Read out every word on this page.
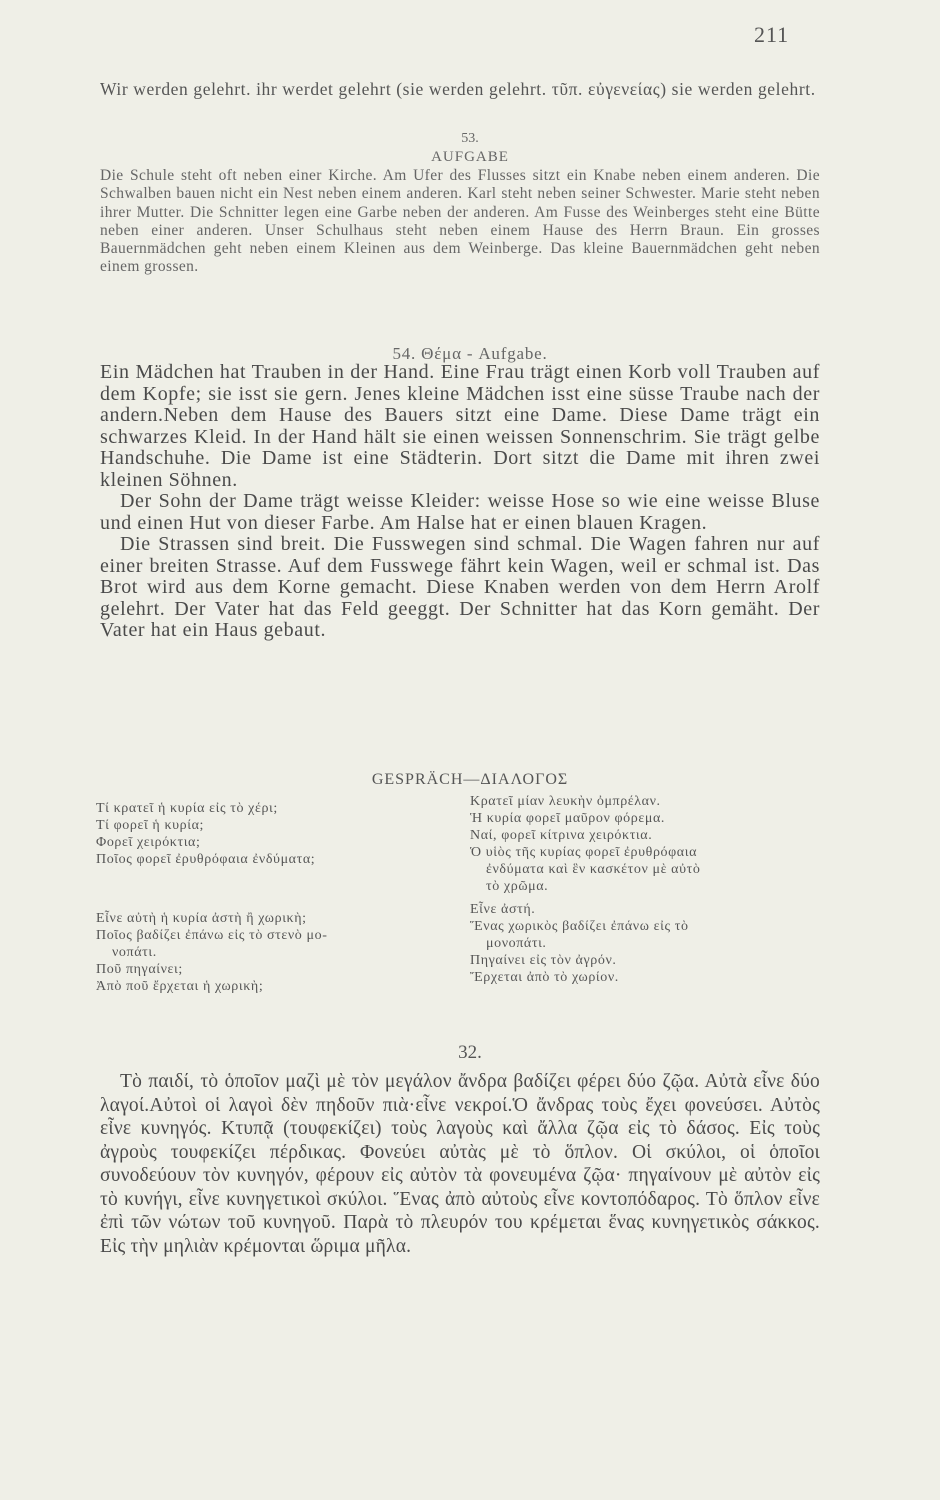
211
Wir werden gelehrt. ihr werdet gelehrt (sie werden gelehrt. τῦπ. εὐγενείας) sie werden gelehrt.
53.
AUFGABE
Die Schule steht oft neben einer Kirche. Am Ufer des Flusses sitzt ein Knabe neben einem anderen. Die Schwalben bauen nicht ein Nest neben einem anderen. Karl steht neben seiner Schwester. Marie steht neben ihrer Mutter. Die Schnitter legen eine Garbe neben der anderen. Am Fusse des Weinberges steht eine Bütte neben einer anderen. Unser Schulhaus steht neben einem Hause des Herrn Braun. Ein grosses Bauernmädchen geht neben einem Kleinen aus dem Weinberge. Das kleine Bauernmädchen geht neben einem grossen.
54. Θέμα - Aufgabe.

Ein Mädchen hat Trauben in der Hand. Eine Frau trägt einen Korb voll Trauben auf dem Kopfe; sie isst sie gern. Jenes kleine Mädchen isst eine süsse Traube nach der andern.Neben dem Hause des Bauers sitzt eine Dame. Diese Dame trägt ein schwarzes Kleid. In der Hand hält sie einen weissen Sonnenschrim. Sie trägt gelbe Handschuhe. Die Dame ist eine Städterin. Dort sitzt die Dame mit ihren zwei kleinen Söhnen.

Der Sohn der Dame trägt weisse Kleider: weisse Hose so wie eine weisse Bluse und einen Hut von dieser Farbe. Am Halse hat er einen blauen Kragen.

Die Strassen sind breit. Die Fusswegen sind schmal. Die Wagen fahren nur auf einer breiten Strasse. Auf dem Fusswege fährt kein Wagen, weil er schmal ist. Das Brot wird aus dem Korne gemacht. Diese Knaben werden von dem Herrn Arolf gelehrt. Der Vater hat das Feld geeggt. Der Schnitter hat das Korn gemäht. Der Vater hat ein Haus gebaut.

GESPRÄCH—ΔΙΑΛΟΓΟΣ
Τί κρατεῖ ἡ κυρία εἰς τὸ χέρι;
Τί φορεῖ ἡ κυρία;
Φορεῖ χειρόκτια;
Ποῖος φορεῖ ἐρυθρόφαια ἐνδύματα;
Εἶνε αὐτὴ ἡ κυρία ἀστὴ ἢ χωρικὴ;
Ποῖος βαδίζει ἐπάνω εἰς τὸ στενὸ μο-
νοπάτι.
Ποῦ πηγαίνει;
Ἀπὸ ποῦ ἔρχεται ἡ χωρικὴ;
Κρατεῖ μίαν λευκὴν ὀμπρέλαν.
Ἡ κυρία φορεῖ μαῦρον φόρεμα.
Ναί, φορεῖ κίτρινα χειρόκτια.
Ὁ υἱὸς τῆς κυρίας φορεῖ ἐρυθρόφαια
ἐνδύματα καὶ ἓν κασκέτον μὲ αὐτὸ
τὸ χρῶμα.
Εἶνε ἀστή.
Ἕνας χωρικὸς βαδίζει ἐπάνω εἰς τὸ
μονοπάτι.
Πηγαίνει εἰς τὸν ἀγρόν.
Ἔρχεται ἀπὸ τὸ χωρίον.
32.

Τὸ παιδί, τὸ ὁποῖον μαζὶ μὲ τὸν μεγάλον ἄνδρα βαδίζει φέρει δύο ζῷα. Αὐτὰ εἶνε δύο λαγοί.Αὐτοὶ οἱ λαγοὶ δὲν πηδοῦν πιὰ·εἶνε νεκροί.Ὁ ἄνδρας τοὺς ἔχει φονεύσει. Αὐτὸς εἶνε κυνηγός. Κτυπᾷ (τουφεκίζει) τοὺς λαγοὺς καὶ ἄλλα ζῷα εἰς τὸ δάσος. Εἰς τοὺς ἀγροὺς τουφεκίζει πέρδικας. Φονεύει αὐτὰς μὲ τὸ ὅπλον. Οἱ σκύλοι, οἱ ὁποῖοι συνοδεύουν τὸν κυνηγόν, φέρουν εἰς αὐτὸν τὰ φονευμένα ζῷα· πηγαίνουν μὲ αὐτὸν εἰς τὸ κυνήγι, εἶνε κυνηγετικοὶ σκύλοι. Ἕνας ἀπὸ αὐτοὺς εἶνε κοντοπόδαρος. Τὸ ὅπλον εἶνε ἐπὶ τῶν νώτων τοῦ κυνηγοῦ. Παρὰ τὸ πλευρόν του κρέμεται ἕνας κυνηγετικὸς σάκκος. Εἰς τὴν μηλιὰν κρέμονται ὥριμα μῆλα.
